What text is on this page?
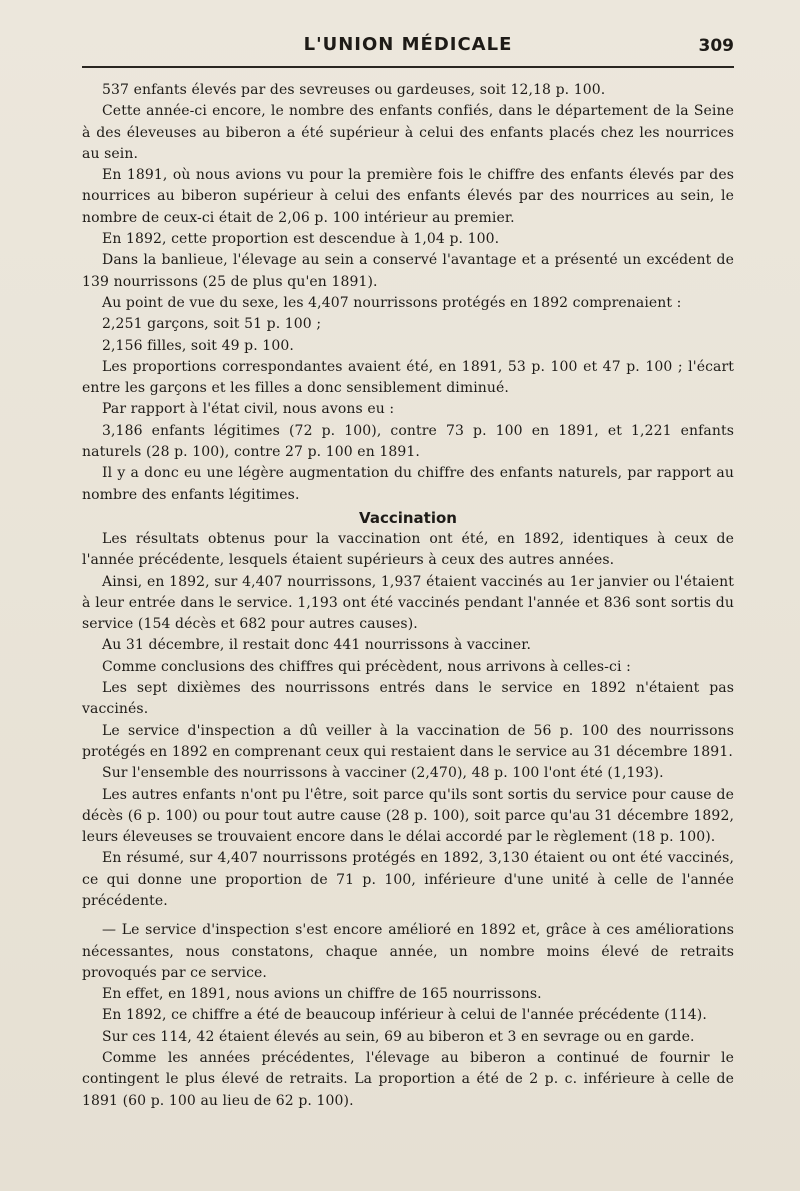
L'UNION MÉDICALE	309

537 enfants élevés par des sevreuses ou gardeuses, soit 12,18 p. 100.

Cette année-ci encore, le nombre des enfants confiés, dans le département de la Seine à des éleveuses au biberon a été supérieur à celui des enfants placés chez les nourrices au sein.

En 1891, où nous avions vu pour la première fois le chiffre des enfants élevés par des nourrices au biberon supérieur à celui des enfants élevés par des nourrices au sein, le nombre de ceux-ci était de 2,06 p. 100 intérieur au premier.

En 1892, cette proportion est descendue à 1,04 p. 100.

Dans la banlieue, l'élevage au sein a conservé l'avantage et a présenté un excédent de 139 nourrissons (25 de plus qu'en 1891).

Au point de vue du sexe, les 4,407 nourrissons protégés en 1892 comprenaient :

2,251 garçons, soit 51 p. 100 ;

2,156 filles, soit 49 p. 100.

Les proportions correspondantes avaient été, en 1891, 53 p. 100 et 47 p. 100 ; l'écart entre les garçons et les filles a donc sensiblement diminué.

Par rapport à l'état civil, nous avons eu :

3,186 enfants légitimes (72 p. 100), contre 73 p. 100 en 1891, et 1,221 enfants naturels (28 p. 100), contre 27 p. 100 en 1891.

Il y a donc eu une légère augmentation du chiffre des enfants naturels, par rapport au nombre des enfants légitimes.

Vaccination

Les résultats obtenus pour la vaccination ont été, en 1892, identiques à ceux de l'année précédente, lesquels étaient supérieurs à ceux des autres années.

Ainsi, en 1892, sur 4,407 nourrissons, 1,937 étaient vaccinés au 1er janvier ou l'étaient à leur entrée dans le service. 1,193 ont été vaccinés pendant l'année et 836 sont sortis du service (154 décès et 682 pour autres causes).

Au 31 décembre, il restait donc 441 nourrissons à vacciner.

Comme conclusions des chiffres qui précèdent, nous arrivons à celles-ci :

Les sept dixièmes des nourrissons entrés dans le service en 1892 n'étaient pas vaccinés.

Le service d'inspection a dû veiller à la vaccination de 56 p. 100 des nourrissons protégés en 1892 en comprenant ceux qui restaient dans le service au 31 décembre 1891.

Sur l'ensemble des nourrissons à vacciner (2,470), 48 p. 100 l'ont été (1,193).

Les autres enfants n'ont pu l'être, soit parce qu'ils sont sortis du service pour cause de décès (6 p. 100) ou pour tout autre cause (28 p. 100), soit parce qu'au 31 décembre 1892, leurs éleveuses se trouvaient encore dans le délai accordé par le règlement (18 p. 100).

En résumé, sur 4,407 nourrissons protégés en 1892, 3,130 étaient ou ont été vaccinés, ce qui donne une proportion de 71 p. 100, inférieure d'une unité à celle de l'année précédente.

— Le service d'inspection s'est encore amélioré en 1892 et, grâce à ces améliorations nécessantes, nous constatons, chaque année, un nombre moins élevé de retraits provoqués par ce service.

En effet, en 1891, nous avions un chiffre de 165 nourrissons.

En 1892, ce chiffre a été de beaucoup inférieur à celui de l'année précédente (114).

Sur ces 114, 42 étaient élevés au sein, 69 au biberon et 3 en sevrage ou en garde.

Comme les années précédentes, l'élevage au biberon a continué de fournir le contingent le plus élevé de retraits. La proportion a été de 2 p. c. inférieure à celle de 1891 (60 p. 100 au lieu de 62 p. 100).
